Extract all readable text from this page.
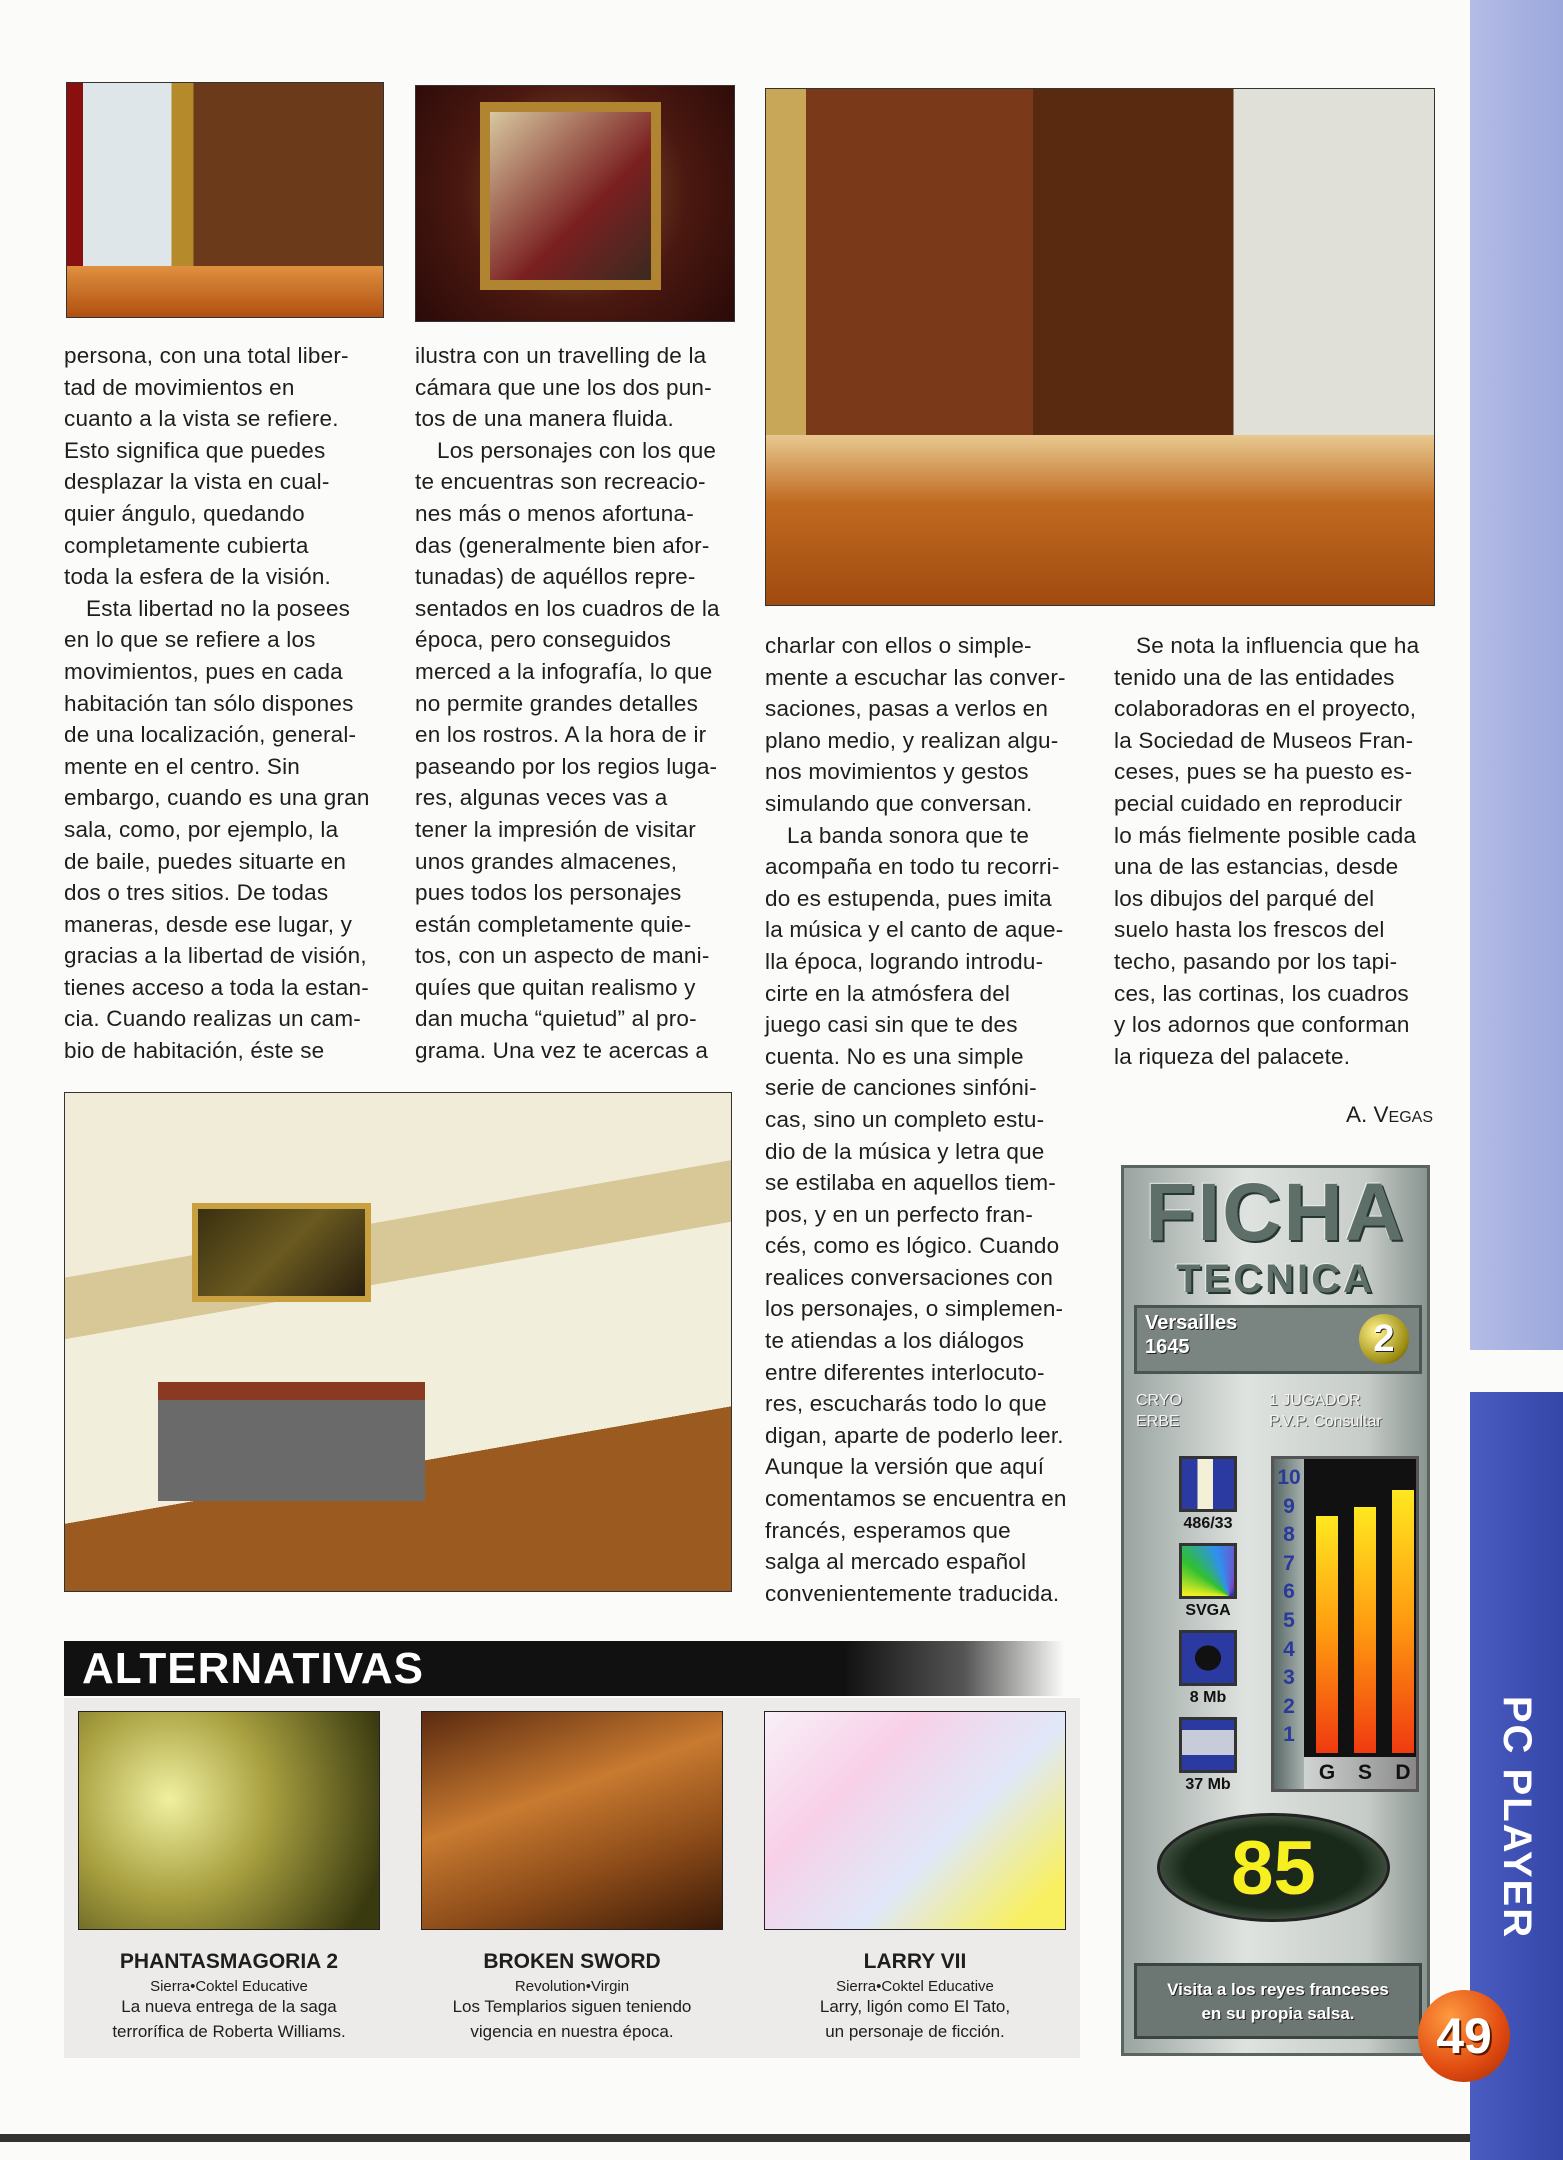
persona, con una total liber-
tad de movimientos en
cuanto a la vista se refiere.
Esto significa que puedes
desplazar la vista en cual-
quier ángulo, quedando
completamente cubierta
toda la esfera de la visión.
Esta libertad no la posees
en lo que se refiere a los
movimientos, pues en cada
habitación tan sólo dispones
de una localización, general-
mente en el centro. Sin
embargo, cuando es una gran
sala, como, por ejemplo, la
de baile, puedes situarte en
dos o tres sitios. De todas
maneras, desde ese lugar, y
gracias a la libertad de visión,
tienes acceso a toda la estan-
cia. Cuando realizas un cam-
bio de habitación, éste se
ilustra con un travelling de la
cámara que une los dos pun-
tos de una manera fluida.
Los personajes con los que
te encuentras son recreacio-
nes más o menos afortuna-
das (generalmente bien afor-
tunadas) de aquéllos repre-
sentados en los cuadros de la
época, pero conseguidos
merced a la infografía, lo que
no permite grandes detalles
en los rostros. A la hora de ir
paseando por los regios luga-
res, algunas veces vas a
tener la impresión de visitar
unos grandes almacenes,
pues todos los personajes
están completamente quie-
tos, con un aspecto de mani-
quíes que quitan realismo y
dan mucha “quietud” al pro-
grama. Una vez te acercas a
charlar con ellos o simple-
mente a escuchar las conver-
saciones, pasas a verlos en
plano medio, y realizan algu-
nos movimientos y gestos
simulando que conversan.
La banda sonora que te
acompaña en todo tu recorri-
do es estupenda, pues imita
la música y el canto de aque-
lla época, logrando introdu-
cirte en la atmósfera del
juego casi sin que te des
cuenta. No es una simple
serie de canciones sinfóni-
cas, sino un completo estu-
dio de la música y letra que
se estilaba en aquellos tiem-
pos, y en un perfecto fran-
cés, como es lógico. Cuando
realices conversaciones con
los personajes, o simplemen-
te atiendas a los diálogos
entre diferentes interlocuto-
res, escucharás todo lo que
digan, aparte de poderlo leer.
Aunque la versión que aquí
comentamos se encuentra en
francés, esperamos que
salga al mercado español
convenientemente traducida.
Se nota la influencia que ha
tenido una de las entidades
colaboradoras en el proyecto,
la Sociedad de Museos Fran-
ceses, pues se ha puesto es-
pecial cuidado en reproducir
lo más fielmente posible cada
una de las estancias, desde
los dibujos del parqué del
suelo hasta los frescos del
techo, pasando por los tapi-
ces, las cortinas, los cuadros
y los adornos que conforman
la riqueza del palacete.
A. Vegas
FICHA
TECNICA
Versailles
1645	2
CRYO
ERBE
1 JUGADOR
P.V.P. Consultar
486/33
SVGA
8 Mb
37 Mb
10
9
8
7
6
5
4
3
2
1
G	S	D
85
Visita a los reyes franceses
en su propia salsa.
ALTERNATIVAS
PHANTASMAGORIA 2
Sierra•Coktel Educative
La nueva entrega de la saga
terrorífica de Roberta Williams.
BROKEN SWORD
Revolution•Virgin
Los Templarios siguen teniendo
vigencia en nuestra época.
LARRY VII
Sierra•Coktel Educative
Larry, ligón como El Tato,
un personaje de ficción.
PC PLAYER
49
